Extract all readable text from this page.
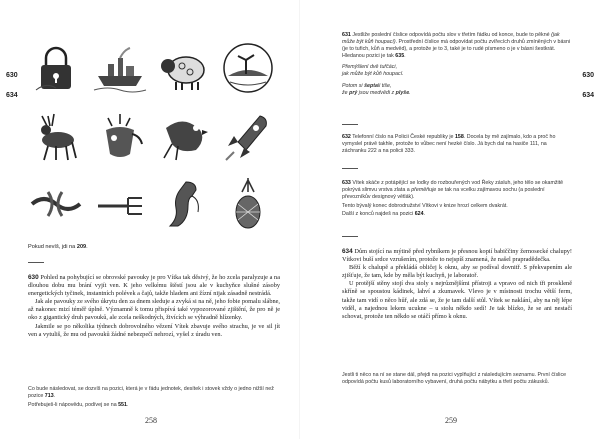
630
634
Pokud nevíš, jdi na 209.

630 Pohled na pohybující se obrovské pavouky je pro Vítka tak děsivý, že ho zcela paralyzuje a na dlouhou dobu mu brání vyjít ven. K jeho velkému štěstí jsou ale v kuchyňce slušné zásoby energetických tyčinek, instantních polévek a čajů, takže hladem ani žízní nijak zásadně nestrádá.

Jak ale pavouky ze svého úkrytu den za dnem sleduje a zvyká si na ně, jeho fobie pomalu slábne, až nakonec mizí téměř úplně. Významně k tomu přispívá také vypozorované zjištění, že pro ně je oko z gigantický druh pavouků, ale zcela neškodných, živících se výhradně hlízenky.

Jakmile se po několika týdnech dobrovolného vězení Vítek zbavuje svého strachu, je ve sil jít ven a vytuliš, že mu od pavouků žádné nebezpečí nehrozí, vyšel z úradu ven.

Co bude následovat, se dozvíš na pozici, která je v řádu jednotek, desítek i stovek vždy o jedno nižší než pozice 713.

Potřebuješ-li nápovědu, podívej se na 551.

258
630
634

631 Jestliže poslední číslice odpovídá počtu slov v třetím řádku od konce, bude to pěkné (jak může být kůň houpací). Prostřední číslice má odpovídat počtu zvířecích druhů zmíněných v básni (je to tuřich, kůň a medvěd), a protože je to 3, také je to rudé písmeno o je v básni šestkrát. Hledanou pozici je tak 635.

Přemýšlení dvě tuřčáci,
jak může být kůň houpací.
Potom si šeptali tiše,
že prý jsou medvědi z plyše.

632 Telefonní číslo na Policii České republiky je 158. Docela by mě zajímalo, kdo a proč ho vymyslel právě takhle, protože to vůbec není hezké číslo. Já bych dal na hasiče 111, na záchranku 222 a na policii 333.

633 Vítek skáče z potápějící se lodky do rozbouřených vod Řeky zásluh, jeho tělo se okamžitě pokrývá slimvu vrstva zlata a přeměňuje se tak na vcelku zajímavou sochu (a poslední převozníkův designový větlák).

Tento bývalý konec dobrodružství Vítkovi v knize hrozí celkem dvakrát.

Další z konců najdeš na pozici 624.

634 Dům stojící na mýtině před rybníkem je přesnou kopií babiččiny žernosecké chalupy! Vítkovi buší srdce vzrušením, protože to nejspíš znamená, že našel prapradědečka.

Běží k chalupě a překládá obličej k oknu, aby se podíval dovnitř. S překvapením ale zjišťuje, že tam, kde by měla být kuchyň, je laboratoř.

U protější stěny stojí dva stoly s nejrůznějšími přístroji a vpravo od nich tři proskleně skříně se spoustou kádinek, lahví a zkumavek. Vlevo je v místnosti trochu větší ferm, takže tam vidí o něco hůř, ale zdá se, že je tam další stůl. Vítek se naklání, aby na něj lépe viděl, a najednou lekem ucukne – u stolu někdo sedí! Je tak blízko, že se ani nestačí schovat, protože ten někdo se otáčí přímo k oknu.

Jestli ti něco na ní se stane dál, přejdi na pozici vyplňující z následujícím seznamu. První číslice odpovídá počtu kusů laboratorního vybavení, druhá počtu nábytku a třetí počtu zákusků.

259
